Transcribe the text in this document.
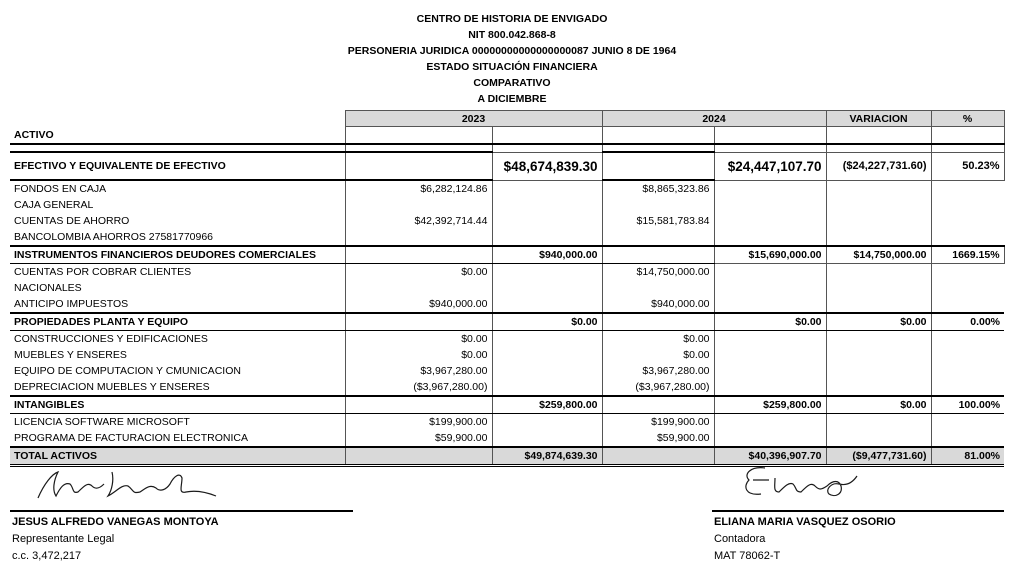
CENTRO DE HISTORIA DE ENVIGADO
NIT 800.042.868-8
PERSONERIA JURIDICA 00000000000000000087 JUNIO 8 DE 1964
ESTADO SITUACIÓN FINANCIERA
COMPARATIVO
A DICIEMBRE
	2023		2024		VARIACION	%
ACTIVO						

EFECTIVO Y EQUIVALENTE DE EFECTIVO		$48,674,839.30		$24,447,107.70	($24,227,731.60)	50.23%
FONDOS EN CAJA	$6,282,124.86		$8,865,323.86			
CAJA GENERAL						
CUENTAS DE AHORRO	$42,392,714.44		$15,581,783.84			
BANCOLOMBIA AHORROS 27581770966						
INSTRUMENTOS FINANCIEROS DEUDORES COMERCIALES		$940,000.00		$15,690,000.00	$14,750,000.00	1669.15%
CUENTAS POR COBRAR CLIENTES	$0.00		$14,750,000.00			
NACIONALES						
ANTICIPO IMPUESTOS	$940,000.00		$940,000.00			
PROPIEDADES PLANTA Y EQUIPO		$0.00		$0.00	$0.00	0.00%
CONSTRUCCIONES Y EDIFICACIONES	$0.00		$0.00			
MUEBLES Y ENSERES	$0.00		$0.00			
EQUIPO DE COMPUTACION Y CMUNICACION	$3,967,280.00		$3,967,280.00			
DEPRECIACION MUEBLES Y ENSERES	($3,967,280.00)		($3,967,280.00)			
INTANGIBLES		$259,800.00		$259,800.00	$0.00	100.00%
LICENCIA SOFTWARE MICROSOFT	$199,900.00		$199,900.00			
PROGRAMA DE FACTURACION ELECTRONICA	$59,900.00		$59,900.00			
TOTAL ACTIVOS		$49,874,639.30		$40,396,907.70	($9,477,731.60)	81.00%
JESUS ALFREDO VANEGAS MONTOYA
Representante Legal
c.c. 3,472,217
ELIANA MARIA VASQUEZ OSORIO
Contadora
MAT 78062-T
